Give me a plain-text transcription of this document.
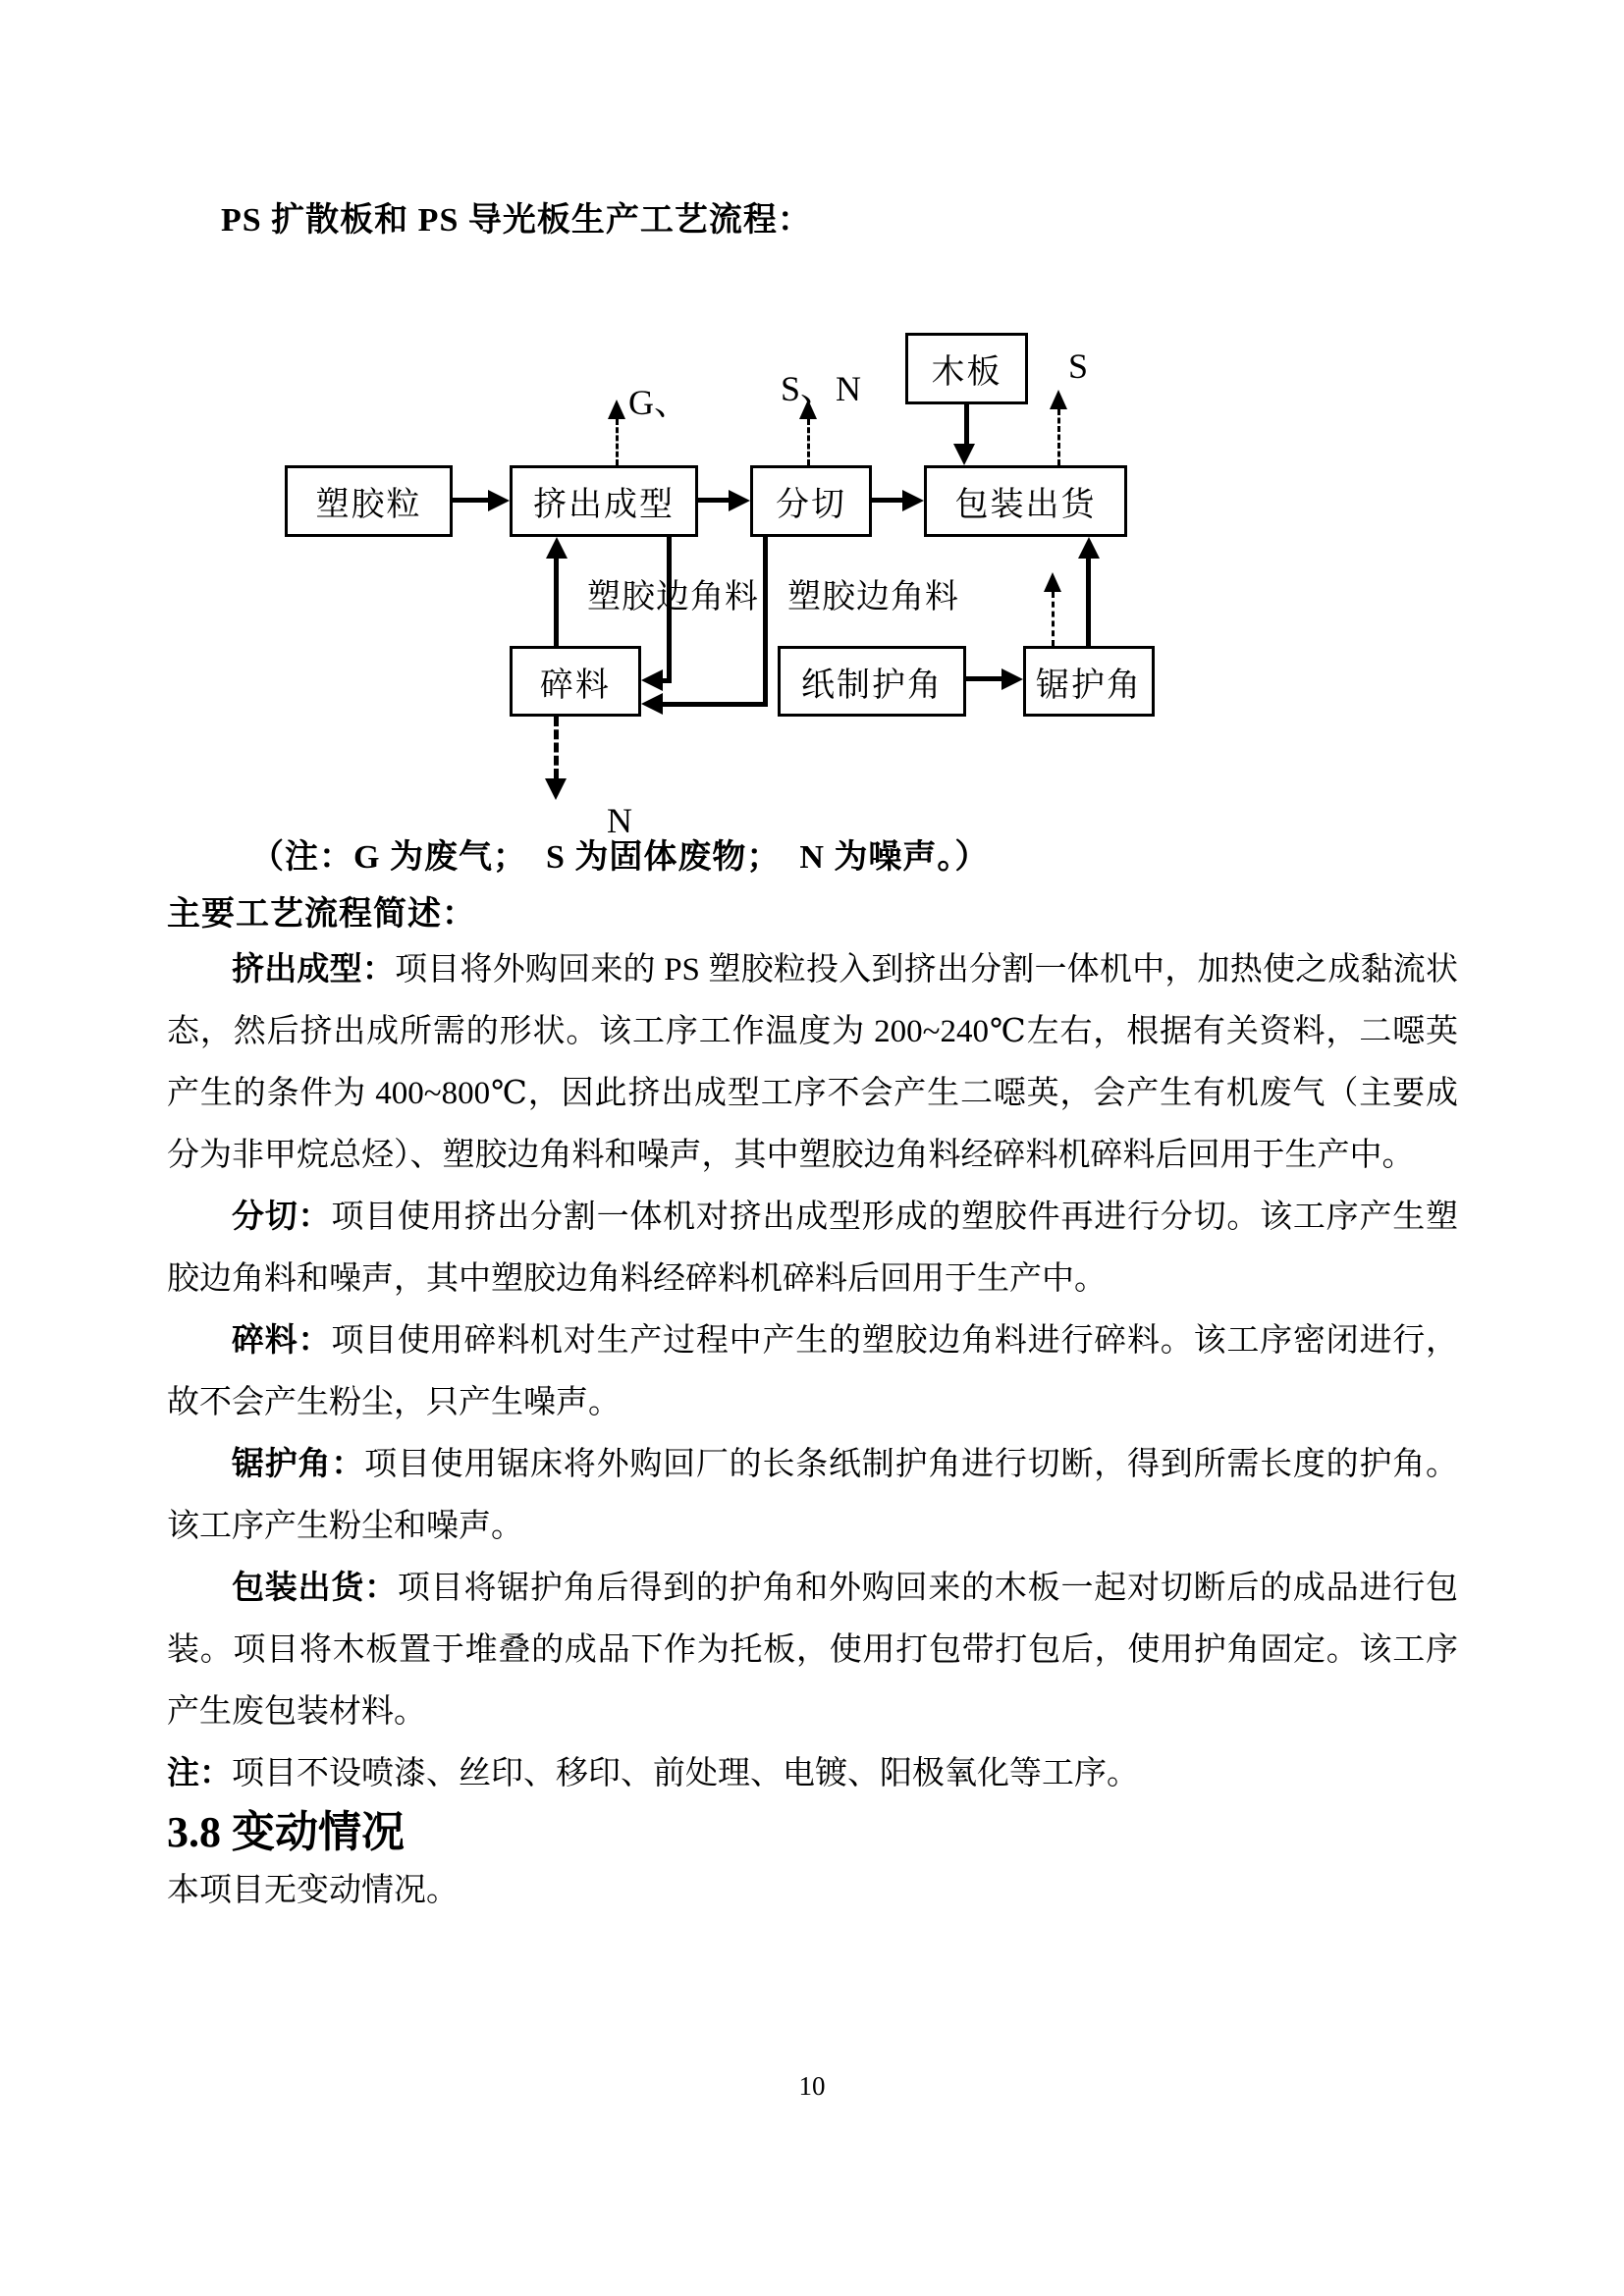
PS 扩散板和 PS 导光板生产工艺流程：
塑胶粒	挤出成型	分切	包装出货
木板
碎料	纸制护角	锯护角
G、	S、N
S
塑胶边角料 塑胶边角料
N
（注：G 为废气；  S 为固体废物；  N 为噪声。）
主要工艺流程简述：

挤出成型：项目将外购回来的 PS 塑胶粒投入到挤出分割一体机中，加热使之成黏流状态，然后挤出成所需的形状。该工序工作温度为 200~240℃左右，根据有关资料，二噁英产生的条件为 400~800℃，因此挤出成型工序不会产生二噁英，会产生有机废气（主要成分为非甲烷总烃）、塑胶边角料和噪声，其中塑胶边角料经碎料机碎料后回用于生产中。

分切：项目使用挤出分割一体机对挤出成型形成的塑胶件再进行分切。该工序产生塑胶边角料和噪声，其中塑胶边角料经碎料机碎料后回用于生产中。

碎料：项目使用碎料机对生产过程中产生的塑胶边角料进行碎料。该工序密闭进行，故不会产生粉尘，只产生噪声。

锯护角：项目使用锯床将外购回厂的长条纸制护角进行切断，得到所需长度的护角。该工序产生粉尘和噪声。

包装出货：项目将锯护角后得到的护角和外购回来的木板一起对切断后的成品进行包装。项目将木板置于堆叠的成品下作为托板，使用打包带打包后，使用护角固定。该工序产生废包装材料。

注：项目不设喷漆、丝印、移印、前处理、电镀、阳极氧化等工序。

3.8 变动情况

本项目无变动情况。

10
